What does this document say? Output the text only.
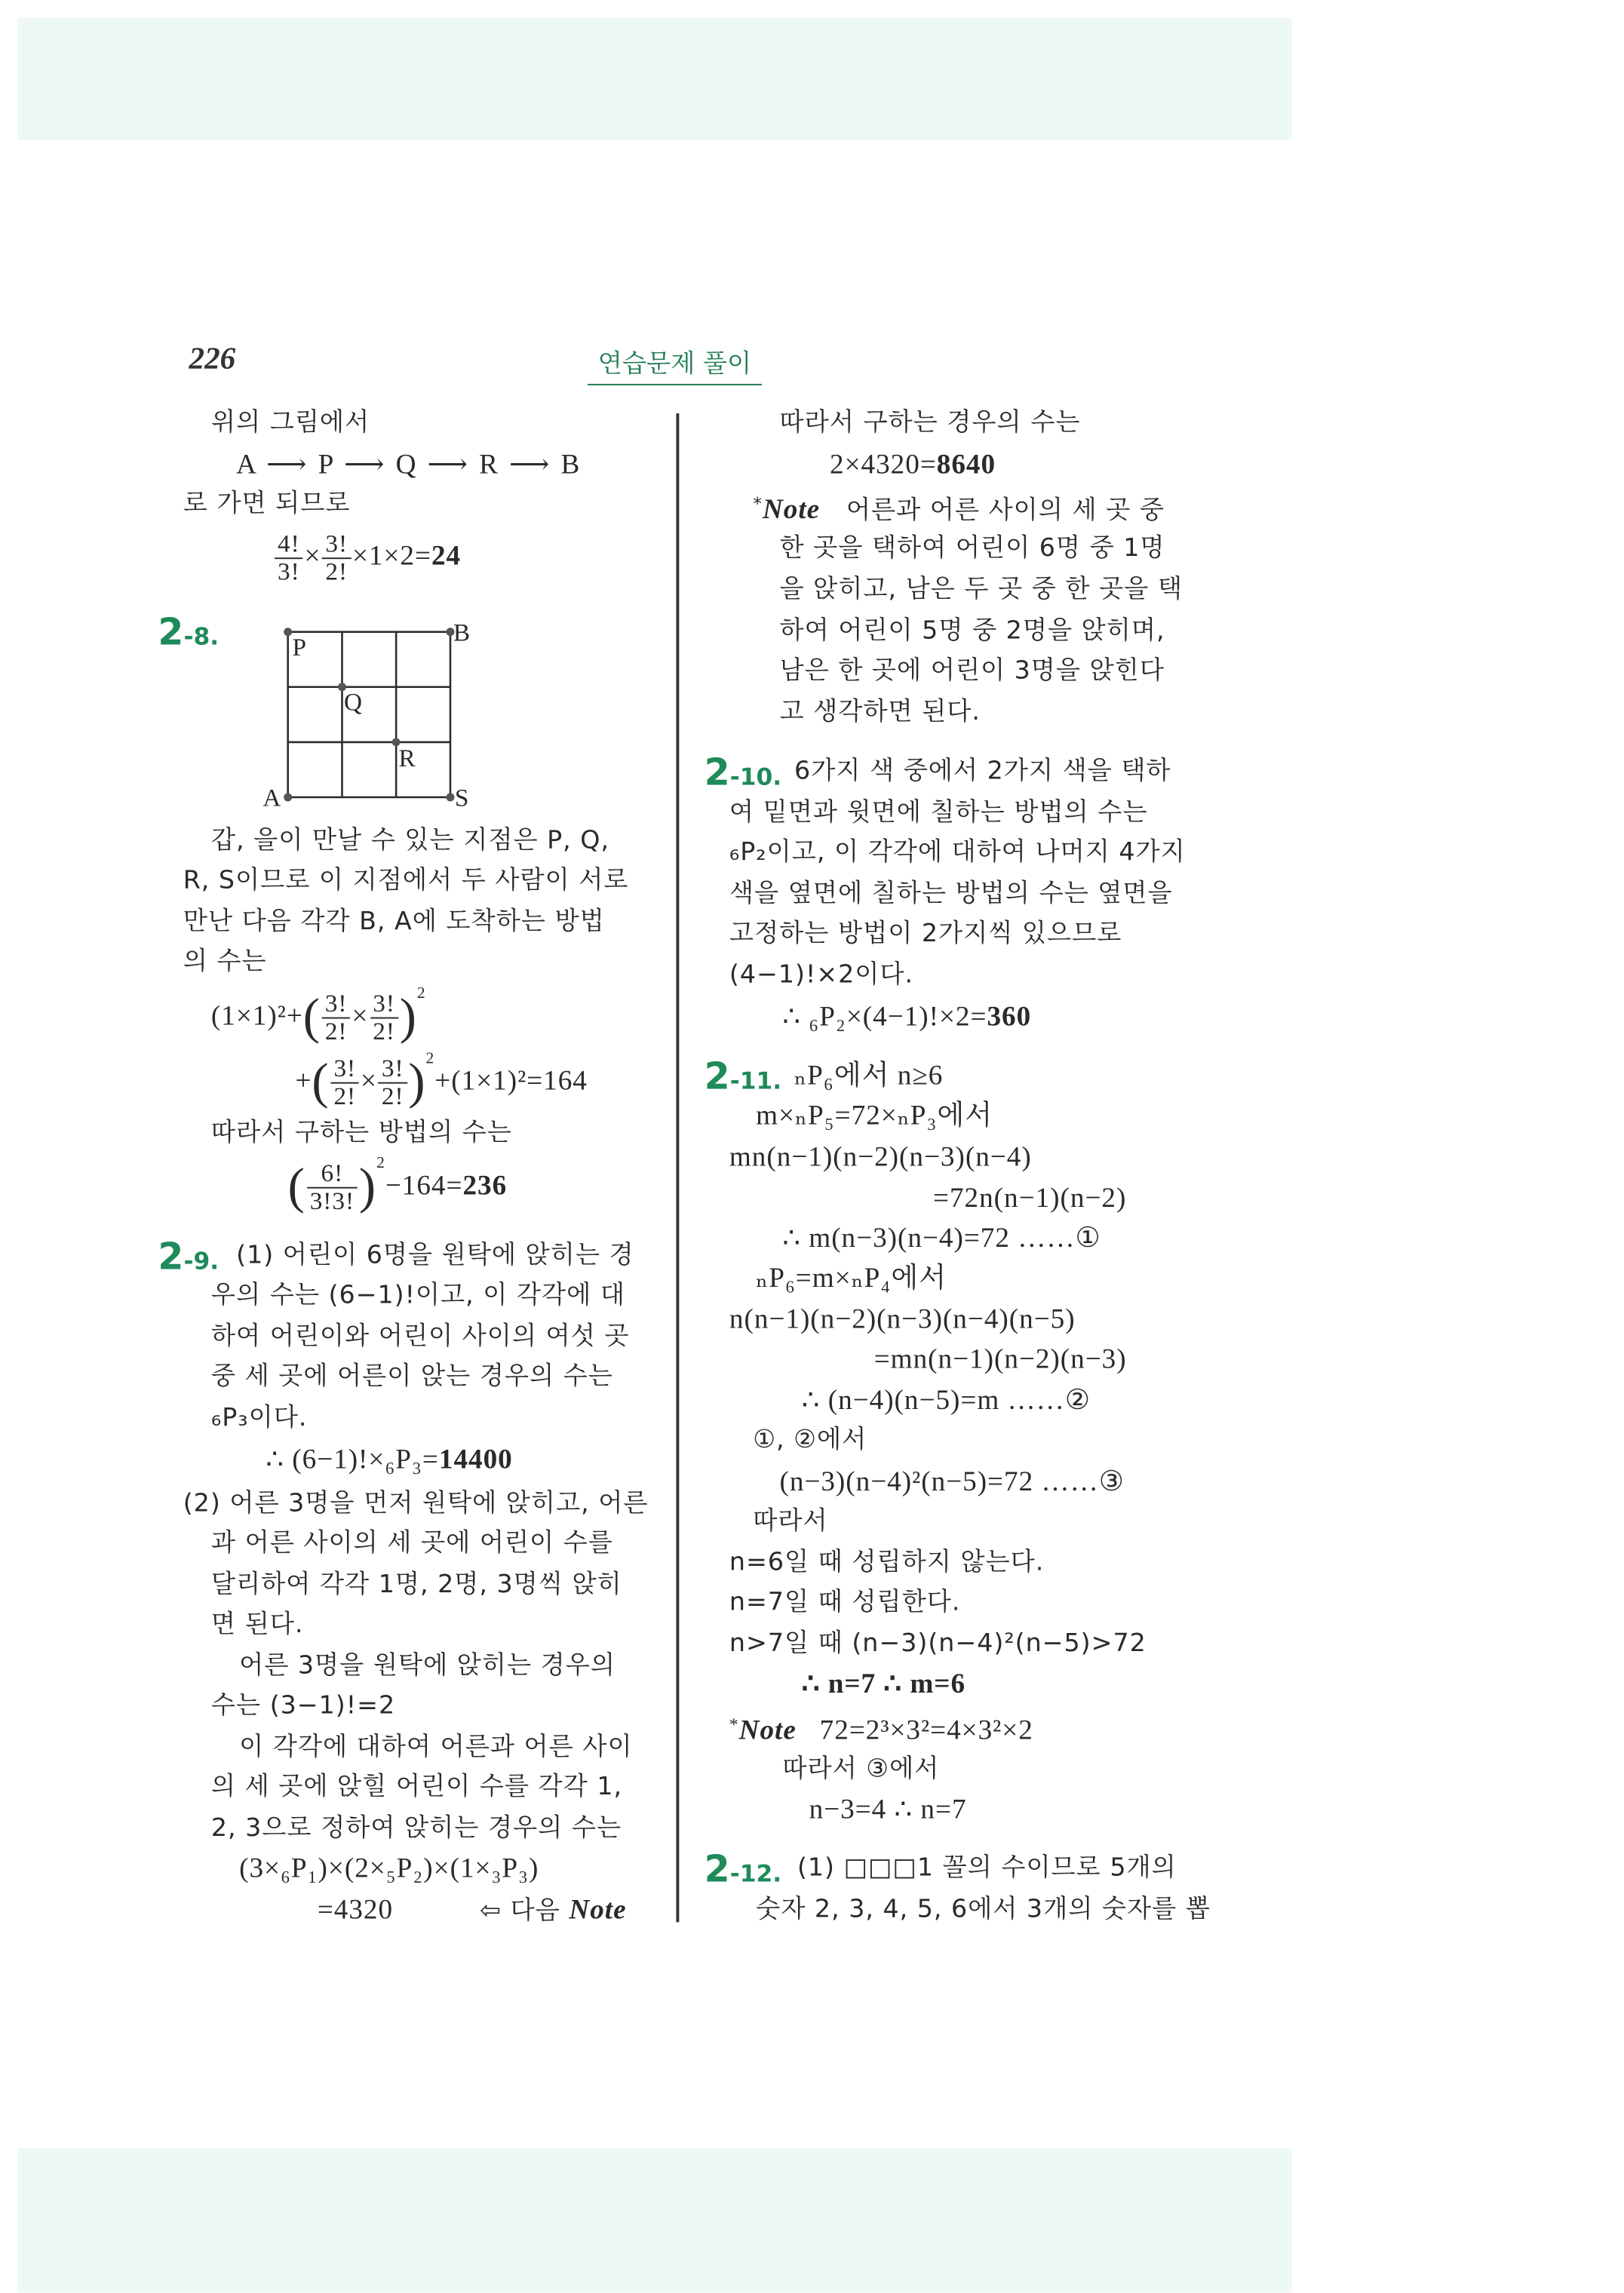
226	연습문제 풀이
위의 그림에서
A ⟶ P ⟶ Q ⟶ R ⟶ B
로 가면 되므로
$\frac{4!}{3!} \times \frac{3!}{2!} \times 1\times 2=24$
2-8.	P
B
Q
R
A	S
갑, 을이 만날 수 있는 지점은 P, Q,
R, S이므로 이 지점에서 두 사람이 서로
만난 다음 각각 B, A에 도착하는 방법
의 수는
$(1\times 1)^2+( \frac{3!}{2!} \times \frac{3!}{2!} )^2$
+( $\frac{3!}{2!} \times \frac{3!}{2!} )^2+(1\times 1)^2=164$
따라서 구하는 방법의 수는
( $\frac{6!}{3!3!} )^2-164=236$
2-9. (1) 어린이 6명을 원탁에 앉히는 경
우의 수는 (6−1)!이고, 이 각각에 대
하여 어린이와 어린이 사이의 여섯 곳
중 세 곳에 어른이 앉는 경우의 수는
₆P₃이다.
∴ (6−1)!×₆P₃=14400
(2) 어른 3명을 먼저 원탁에 앉히고, 어른
과 어른 사이의 세 곳에 어린이 수를
달리하여 각각 1명, 2명, 3명씩 앉히
면 된다.
어른 3명을 원탁에 앉히는 경우의
수는 (3−1)!=2
이 각각에 대하여 어른과 어른 사이
의 세 곳에 앉힐 어린이 수를 각각 1,
2, 3으로 정하여 앉히는 경우의 수는
(3×₆P₁)×(2×₅P₂)×(1×₃P₃)
=4320	⇦ 다음 Note
따라서 구하는 경우의 수는
2×4320=8640
*Note 어른과 어른 사이의 세 곳 중
한 곳을 택하여 어린이 6명 중 1명
을 앉히고, 남은 두 곳 중 한 곳을 택
하여 어린이 5명 중 2명을 앉히며,
남은 한 곳에 어린이 3명을 앉힌다
고 생각하면 된다.
2-10. 6가지 색 중에서 2가지 색을 택하
여 밑면과 윗면에 칠하는 방법의 수는
₆P₂이고, 이 각각에 대하여 나머지 4가지
색을 옆면에 칠하는 방법의 수는 옆면을
고정하는 방법이 2가지씩 있으므로
(4−1)!×2이다.
∴ ₆P₂×(4−1)!×2=360
2-11. ₙP₆에서 n≥6
m×ₙP₅=72×ₙP₃에서
mn(n−1)(n−2)(n−3)(n−4)
=72n(n−1)(n−2)
∴ m(n−3)(n−4)=72 ……①
ₙP₆=m×ₙP₄에서
n(n−1)(n−2)(n−3)(n−4)(n−5)
=mn(n−1)(n−2)(n−3)
∴ (n−4)(n−5)=m ……②
①, ②에서
(n−3)(n−4)²(n−5)=72 ……③
따라서
n=6일 때 성립하지 않는다.
n=7일 때 성립한다.
n>7일 때 (n−3)(n−4)²(n−5)>72
∴ n=7 ∴ m=6
*Note 72=2³×3²=4×3²×2
따라서 ③에서
n−3=4 ∴ n=7
2-12. (1) □□□1 꼴의 수이므로 5개의
숫자 2, 3, 4, 5, 6에서 3개의 숫자를 뽑
